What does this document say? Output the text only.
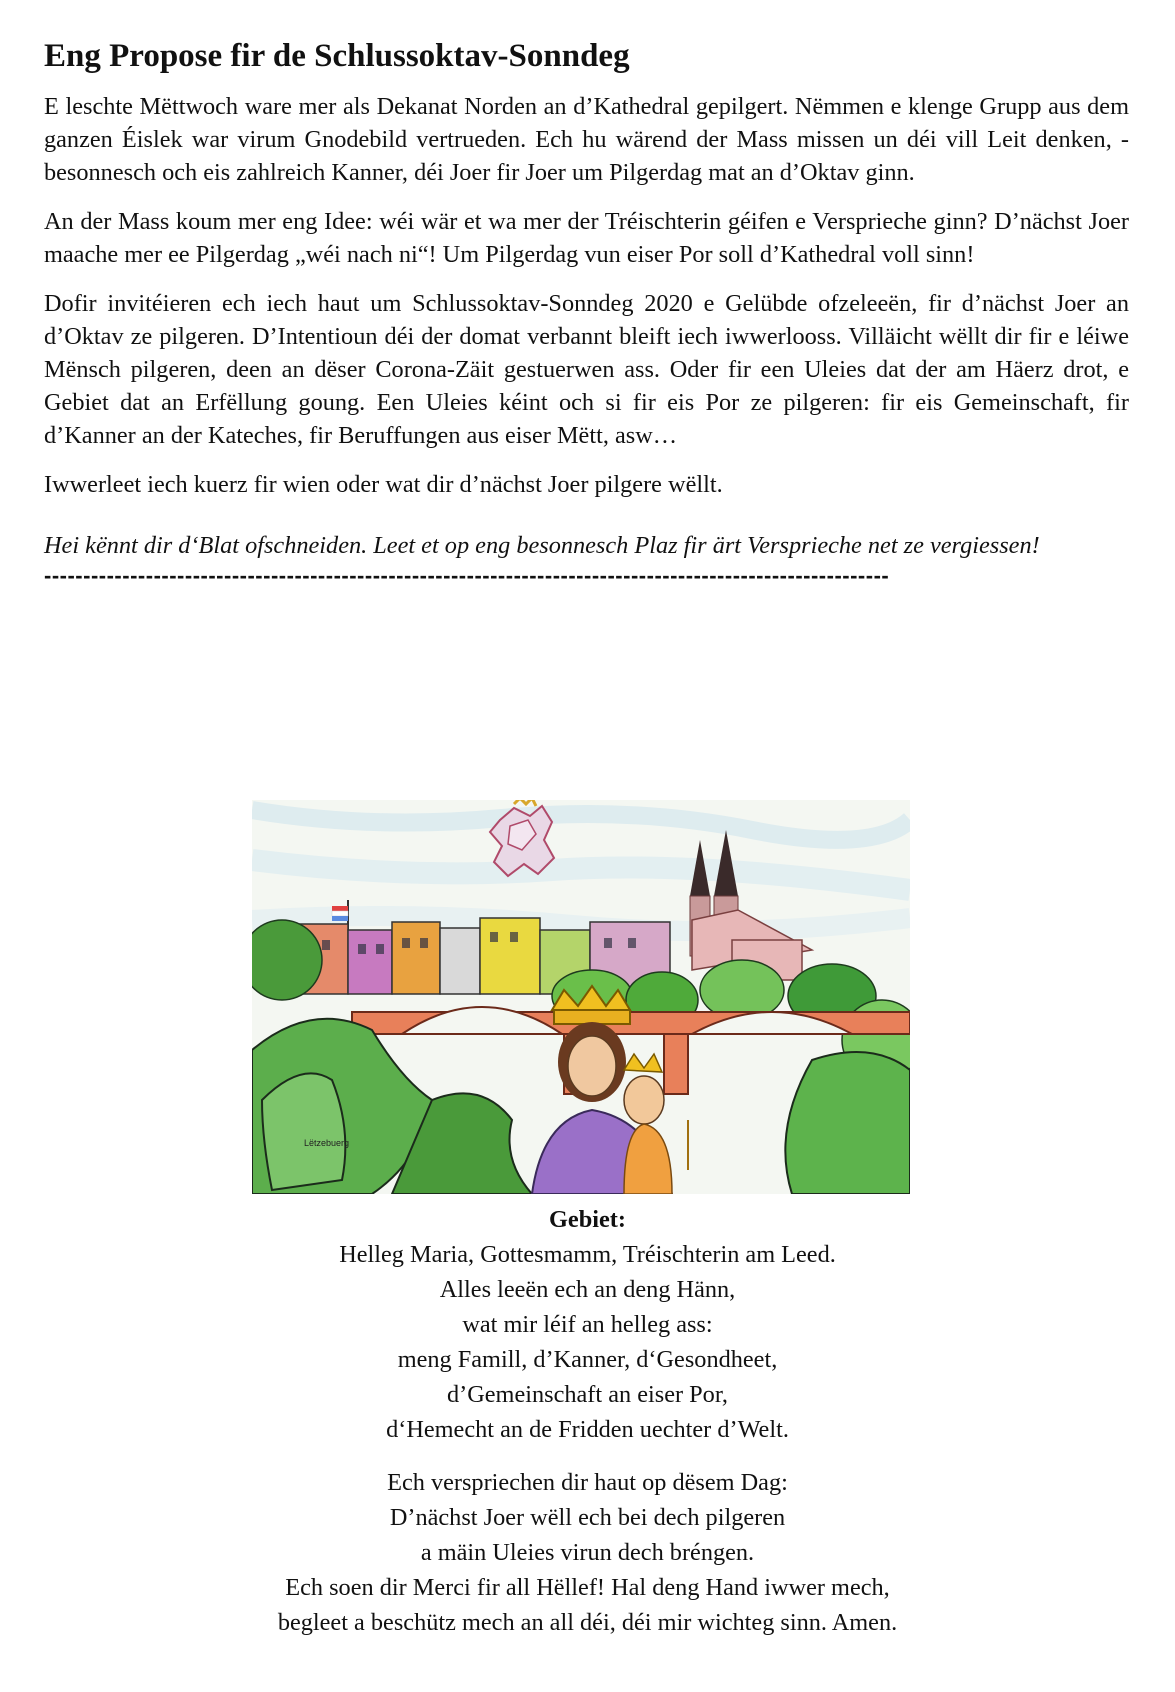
Eng Propose fir de Schlussoktav-Sonndeg

E leschte Mëttwoch ware mer als Dekanat Norden an d’Kathedral gepilgert. Nëmmen e klenge Grupp aus dem ganzen Éislek war virum Gnodebild vertrueden. Ech hu wärend der Mass missen un déi vill Leit denken, - besonnesch och eis zahlreich Kanner, déi Joer fir Joer um Pilgerdag mat an d’Oktav ginn.

An der Mass koum mer eng Idee: wéi wär et wa mer der Tréischterin géifen e Versprieche ginn? D’nächst Joer maache mer ee Pilgerdag „wéi nach ni“! Um Pilgerdag vun eiser Por soll d’Kathedral voll sinn!

Dofir invitéieren ech iech haut um Schlussoktav-Sonndeg 2020 e Gelübde ofzeleeën, fir d’nächst Joer an d’Oktav ze pilgeren. D’Intentioun déi der domat verbannt bleift iech iwwerlooss. Villäicht wëllt dir fir e léiwe Mënsch pilgeren, deen an dëser Corona-Zäit gestuerwen ass. Oder fir een Uleies dat der am Häerz drot, e Gebiet dat an Erfëllung goung. Een Uleies kéint och si fir eis Por ze pilgeren: fir eis Gemeinschaft, fir d’Kanner an der Kateches, fir Beruffungen aus eiser Mëtt, asw…

Iwwerleet iech kuerz fir wien oder wat dir d’nächst Joer pilgere wëllt.

Hei kënnt dir d‘Blat ofschneiden. Leet et op eng besonnesch Plaz fir ärt Versprieche net ze vergiessen!

------------------------------------------------------------------------------------------------------------
Lëtzebuerg
Gebiet:
Helleg Maria, Gottesmamm, Tréischterin am Leed.
Alles leeën ech an deng Hänn,
wat mir léif an helleg ass:
meng Famill, d’Kanner, d‘Gesondheet,
d’Gemeinschaft an eiser Por,
d‘Hemecht an de Fridden uechter d’Welt.
Ech verspriechen dir haut op dësem Dag:
D’nächst Joer wëll ech bei dech pilgeren
a mäin Uleies virun dech bréngen.
Ech soen dir Merci fir all Hëllef! Hal deng Hand iwwer mech,
begleet a beschütz mech an all déi, déi mir wichteg sinn. Amen.
